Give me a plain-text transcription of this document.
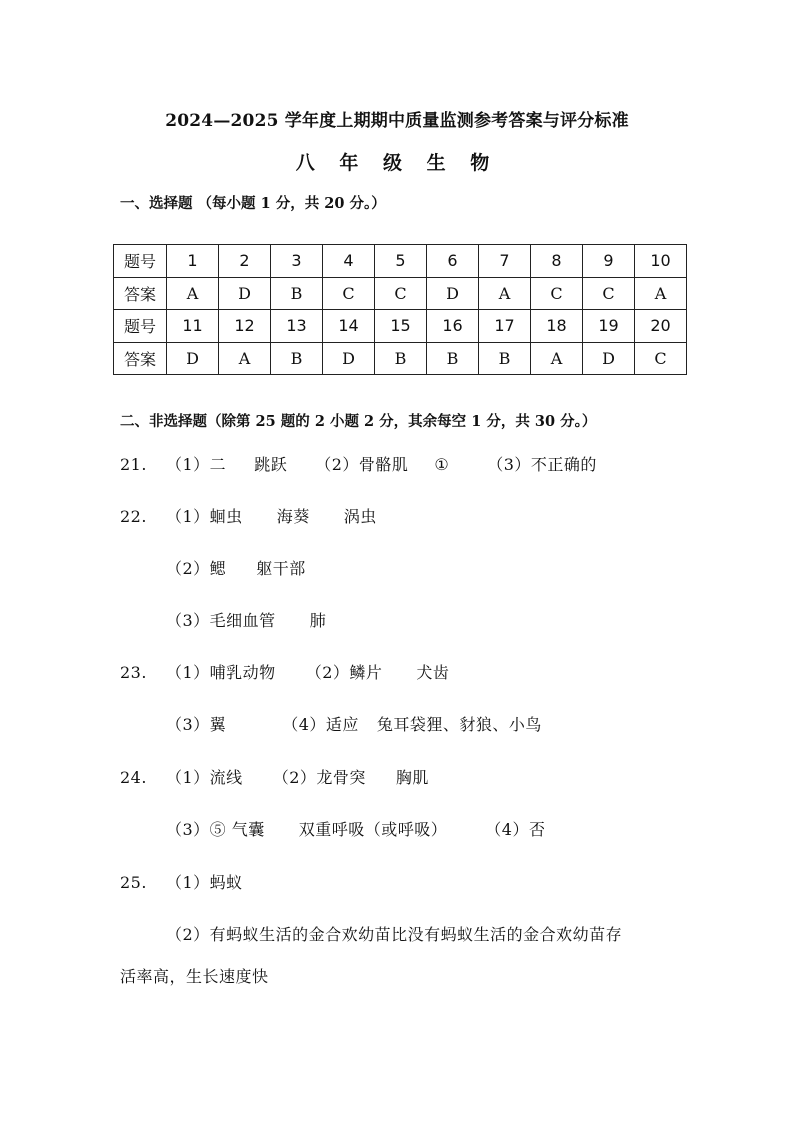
2024—2025 学年度上期期中质量监测参考答案与评分标准
八 年 级 生 物
一、选择题 （每小题 1 分，共 20 分。）
题号	1	2	3	4	5	6	7	8	9	10
答案	A	D	B	C	C	D	A	C	C	A
题号	11	12	13	14	15	16	17	18	19	20
答案	D	A	B	D	B	B	B	A	D	C
二、非选择题（除第 25 题的 2 小题 2 分，其余每空 1 分，共 30 分。）
21. （1）二 跳跃 （2）骨骼肌 ① （3）不正确的
22. （1）蛔虫 海葵 涡虫
（2）鳃 躯干部
（3）毛细血管 肺
23. （1）哺乳动物 （2）鳞片 犬齿
（3）翼	（4）适应 兔耳袋狸、豺狼、小鸟
24. （1）流线 （2）龙骨突 胸肌
（3）⑤ 气囊 双重呼吸（或呼吸） （4）否
25. （1）蚂蚁
（2）有蚂蚁生活的金合欢幼苗比没有蚂蚁生活的金合欢幼苗存
活率高，生长速度快
